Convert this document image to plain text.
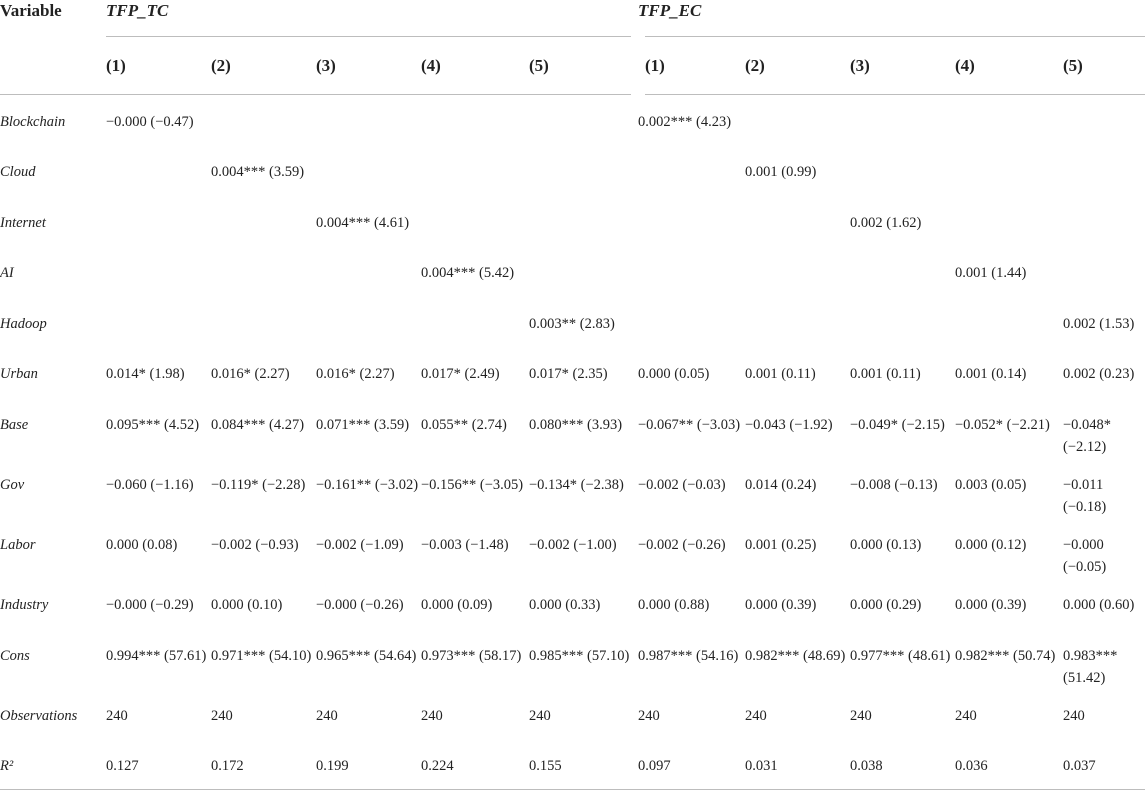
Variable	TFP_TC					TFP_EC				
	(1)	(2)	(3)	(4)	(5)	(1)	(2)	(3)	(4)	(5)
Blockchain	−0.000 (−0.47)					0.002*** (4.23)				
Cloud		0.004*** (3.59)					0.001 (0.99)			
Internet			0.004*** (4.61)					0.002 (1.62)		
AI				0.004*** (5.42)					0.001 (1.44)	
Hadoop					0.003** (2.83)					0.002 (1.53)
Urban	0.014* (1.98)	0.016* (2.27)	0.016* (2.27)	0.017* (2.49)	0.017* (2.35)	0.000 (0.05)	0.001 (0.11)	0.001 (0.11)	0.001 (0.14)	0.002 (0.23)
Base	0.095*** (4.52)	0.084*** (4.27)	0.071*** (3.59)	0.055** (2.74)	0.080*** (3.93)	−0.067** (−3.03)	−0.043 (−1.92)	−0.049* (−2.15)	−0.052* (−2.21)	−0.048* (−2.12)
Gov	−0.060 (−1.16)	−0.119* (−2.28)	−0.161** (−3.02)	−0.156** (−3.05)	−0.134* (−2.38)	−0.002 (−0.03)	0.014 (0.24)	−0.008 (−0.13)	0.003 (0.05)	−0.011 (−0.18)
Labor	0.000 (0.08)	−0.002 (−0.93)	−0.002 (−1.09)	−0.003 (−1.48)	−0.002 (−1.00)	−0.002 (−0.26)	0.001 (0.25)	0.000 (0.13)	0.000 (0.12)	−0.000 (−0.05)
Industry	−0.000 (−0.29)	0.000 (0.10)	−0.000 (−0.26)	0.000 (0.09)	0.000 (0.33)	0.000 (0.88)	0.000 (0.39)	0.000 (0.29)	0.000 (0.39)	0.000 (0.60)
Cons	0.994*** (57.61)	0.971*** (54.10)	0.965*** (54.64)	0.973*** (58.17)	0.985*** (57.10)	0.987*** (54.16)	0.982*** (48.69)	0.977*** (48.61)	0.982*** (50.74)	0.983*** (51.42)
Observations	240	240	240	240	240	240	240	240	240	240
R²	0.127	0.172	0.199	0.224	0.155	0.097	0.031	0.038	0.036	0.037
